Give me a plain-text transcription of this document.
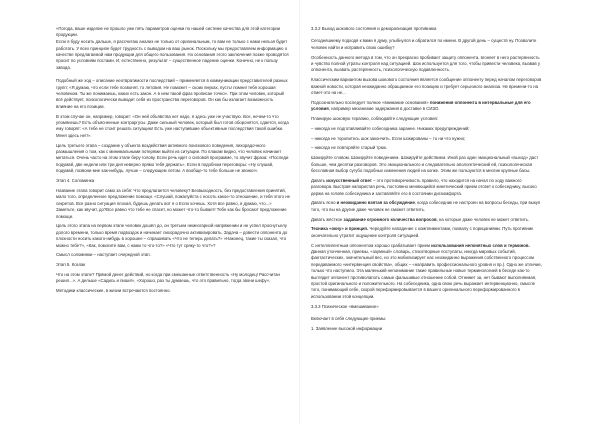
«Погода, ваше изделие не прошло уже пять параметров оценки по нашей системе качества для этой категории продукции.

Если я буду носить дальше, я рассчитаю анализ не только от оригинальным, то вам не только с нами нельзя будет работать. У всех принципе будет трудность с выводом на ваш рынок. Поскольку мы предоставляем информацию о качестве предлагаемой нам продукции для общего пользования. Но основания этого заключения позже проводятся просит по условиям постами. И, естественно, результат – существенное падение оценки. Конечно, не к пользу завода.

Подобный же ход – описание неотвратимости последствий – применяется в коммуникации представителей разных групп: «Я думаю, что если тебе позвонят, то летсвия. Не поможет – скоих внуках, пусть! помни! тебя хорошая человеком. Ты же понимаешь, каких есть закон. А в нем такой фраз прописан точно». При этом человек, который всё действует, психологически выводит себя из пространства переговоров. Он как бы излагает возможность влияние на его позиции.

В этом случае он, например, говорит: «Он ней объявства нет надо, я здесь уже не участвую. Все, нечем-то что упомянешь? Есть объясненные контраргусы. Даже сильный человек, который был готов оборонятся, сдается, когда ему говорят: «А тебе не стоит решать ситуацию! Есть уже наступившие объективные последствия такой ошибки. Меня здесь нет!».

Цель третьего этапа – создание у объекта воздействия активного поискового поведения, лихорадочного размышления о том, как с минимальными потерями выйти из ситуации. По плакам видно, что человек начинает метаться. Очень часто на этом этапе беру голову. Если речь идет о силовой программе, то звучит фраза: «Последи подумай, две недели или три дня неверно прямо тебя держать». Если в подобном переговоры: «Ну слушай, подумай, позвони мне как-нибудь, лучше – следующем летом. А вообще-то тебе больше не звоню!».

Этап 4. Соломинка

Название этапа говорит само за себя: Что предлагается человеку? Безвыходность, без предоставления принятий, мало того, определенное предложение помощи. «Слушай, пожалуйста с носоть какое-то отношение, и тебя этого не секретов. Все разно ситуация плохая, будешь делать вот я о Если хочешь. Хотя все равно, я думаю, что...» Заметьте, как звучит, до?Все равно что тебе не спасет, но может что-то бывает! Тебе как бы бросают предложение помощи.

Цель этого этапа на первом этапе человек дошёл до, он третьем немногарной напряжении и не успел проснутьелу долого времени, только время подвоздок и начинает лихорадочно активизировать. Задача – довести оппонента до плохности носить какого-нибудь в хорошее – спрашивать «Что не теперь делать?» «Наконец, такие ты сказал, что можно тебе?», «Как, помогите вам, с нами то что-то?» «Что тут сряку-то что?»?

Смысл соломинки – наступает очередной этап.

Этап 5. Козлак

Что на этом этапе? Прямой денег действий, но когда при смешанные ответственность «Ну молодец! Рассчитан решил...». А дельше «Садись и пиши!», «Хорошо, раз ты думаешь, что это правильно, тогда звони шефу».

Методики классические, в жизни встречаются постоянно.

3.3.2 Выход шокового состояния и деморализация противника

Сегодняшнему подходя к вами я думу, улыбнулся и обратился по имени. В другой день – существ ну. Позволите человек найти и исправить свою ошибку?

Особенность данного метода в том, что он прекрасно пробивает защиту оппонента, вгоняет в него растерянность и чувство полной утраты контроля над ситуацией. Шок используется для того, чтобы привести человека, вызвав у оппонента, вызвать растерянность, психологическую подавленность.

Классическим вариантом вызова шокового состояния является сообщение оппоненту перед началом переговоров важной новости, которая неожиданно обращаемое его позицию и требует серьезного анализа. Не времени-то на отмет-это на не...

Подсознательно последует полное «внимание основания» понижения оппонента в интервальные для его условия, например механизме задержания в доставке в СИЗО.

Планирую шоковую терапию, соблюдайте следующие условия:

– никогда не подготавливайте собеседника заранее. Никаких предупреждений;

– никогда не торопитесь шок закончить. Если шокированы – то ни что нужно;

– никогда не повторяйте старый трюк.

Шокируйте словом. Шокируйте поведением. Шокируйте действием. Иной раз один эмоциональный «выход» даст больше, чем десятки разговоров. Это эмоционального и следовательно апологетический ей, психологическая бесславная выбор сугубо подобных изменения людей на копке. Этим же пользуются в многие крупные басы.

Давать искусственный ответ – это противоречивость правило, что находится на начал по ходу важного разговора. Быстрая напористая речь, постоянно меняющийся кинетический прием отсвет к собеседнику, высоко держа на голове собеседника и заставляйте его в состоянии дискомфорта.

Давать ясно и неожиданно взятая за обсуждение, когда собеседник не настроен на вопросы беседы, при выкуп того, что вы на другие даже человек не сможет ответить.

Давать жёсткое задавание огромного количества вопросов, на которые даже человек не может ответить.

Техника «окну» и принцип. Чередуйте нападение с комплиментами, похвалу с порицаниями. Путь противник окончательно утратит ощущение контроля ситуацией.

С интеллигентным оппонентом хорошо срабатывает прием использования непонятных слов и терминов. Данная утонченная, приемы, «заумный» словарь, стихотворные постулаты, иногда мировых событий, фантастических, значительный вес, но это мобилизирует нас неожиданно выражения собственного процессом передаваемого «интервенция свойства», общих – «направить профессионального уровня и пр.). Одно же отличие, только что наступило. Эта маленький непонимание такие правильные новые терминологией в беседе как-то выглядит оппонент противолапоть самые фальшивые отношение собой. Отнимет за, нет бывают выполняемая, простой оригинального и положительного. На собеседника, одна свою речь выражает интервенционно, смысле того, понимающий себе, скорой переформировывается в вашего оригинального переформированного в использовании этой концепции.

3.3.3 Психическое «вмешивание»

Включает в себя следующие приемы:

1. Заявление высокой информации
